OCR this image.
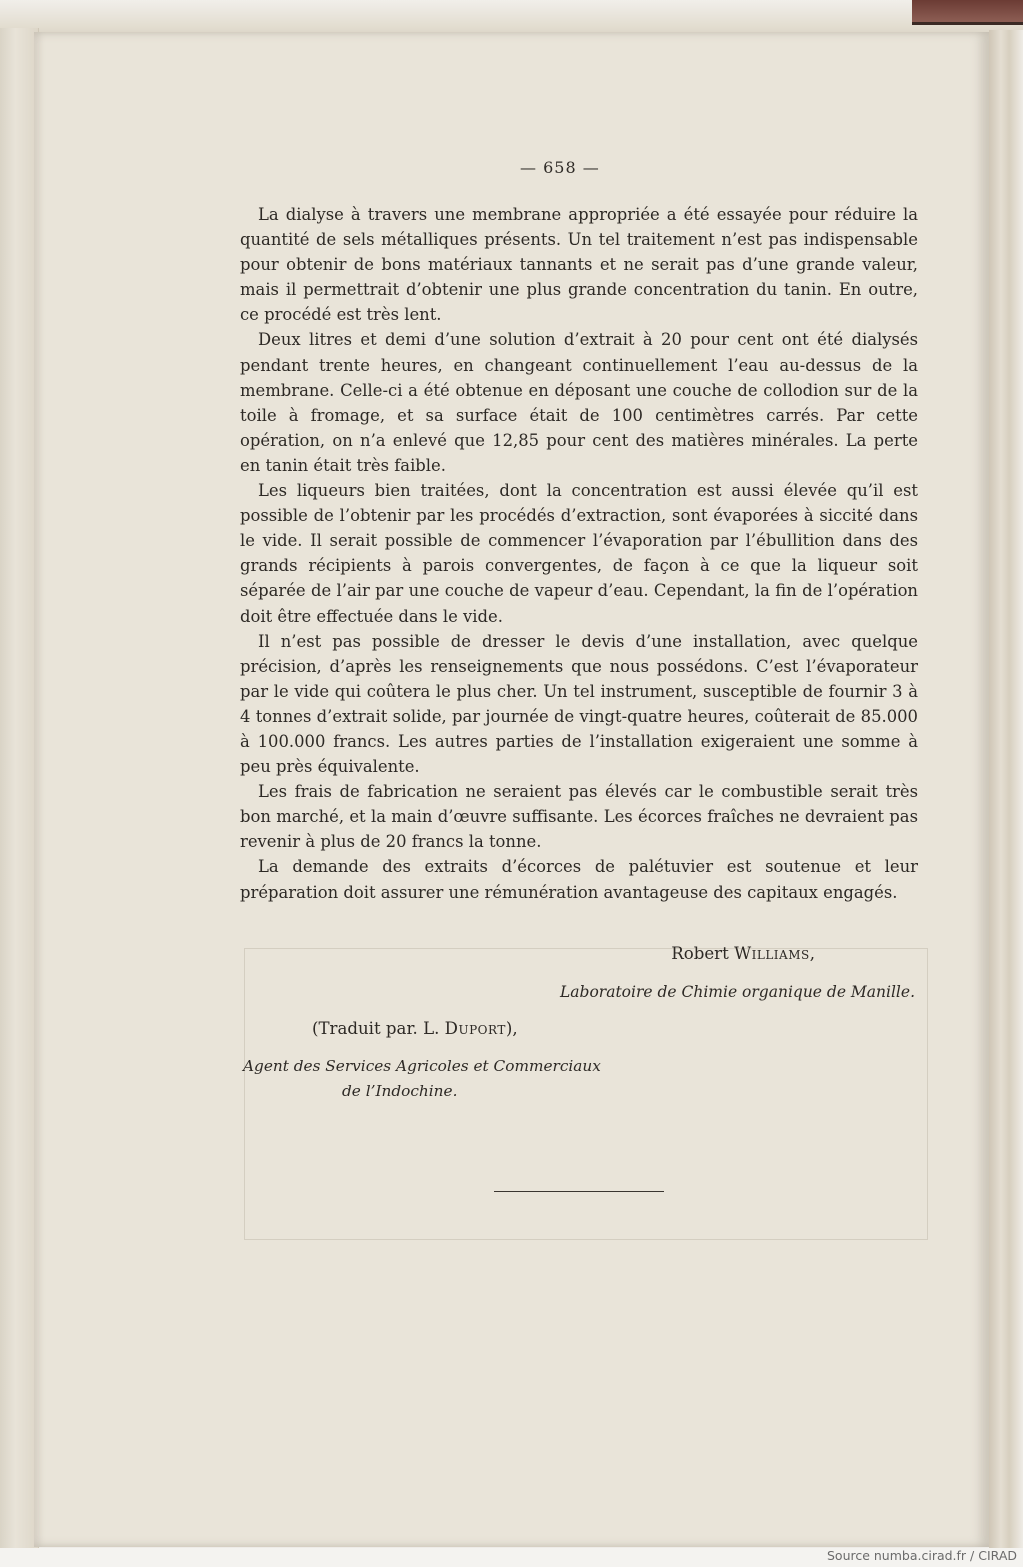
— 658 —

La dialyse à travers une membrane appropriée a été essayée pour réduire la quantité de sels métalliques présents. Un tel traitement n’est pas indispensable pour obtenir de bons matériaux tannants et ne serait pas d’une grande valeur, mais il permettrait d’obtenir une plus grande concentration du tanin. En outre, ce procédé est très lent.

Deux litres et demi d’une solution d’extrait à 20 pour cent ont été dialysés pendant trente heures, en changeant continuellement l’eau au-dessus de la membrane. Celle-ci a été obtenue en déposant une couche de collodion sur de la toile à fromage, et sa surface était de 100 centimètres carrés. Par cette opération, on n’a enlevé que 12,85 pour cent des matières minérales. La perte en tanin était très faible.

Les liqueurs bien traitées, dont la concentration est aussi élevée qu’il est possible de l’obtenir par les procédés d’extraction, sont évaporées à siccité dans le vide. Il serait possible de commencer l’évaporation par l’ébullition dans des grands récipients à parois convergentes, de façon à ce que la liqueur soit séparée de l’air par une couche de vapeur d’eau. Cependant, la fin de l’opération doit être effectuée dans le vide.

Il n’est pas possible de dresser le devis d’une installation, avec quelque précision, d’après les renseignements que nous possédons. C’est l’évaporateur par le vide qui coûtera le plus cher. Un tel instrument, susceptible de fournir 3 à 4 tonnes d’extrait solide, par journée de vingt-quatre heures, coûterait de 85.000 à 100.000 francs. Les autres parties de l’installation exigeraient une somme à peu près équivalente.

Les frais de fabrication ne seraient pas élevés car le combustible serait très bon marché, et la main d’œuvre suffisante. Les écorces fraîches ne devraient pas revenir à plus de 20 francs la tonne.

La demande des extraits d’écorces de palétuvier est soutenue et leur préparation doit assurer une rémunération avantageuse des capitaux engagés.

Robert Williams,
Laboratoire de Chimie organique de Manille.
(Traduit par. L. Duport),
Agent des Services Agricoles et Commerciaux
de l’Indochine.
Source numba.cirad.fr / CIRAD
